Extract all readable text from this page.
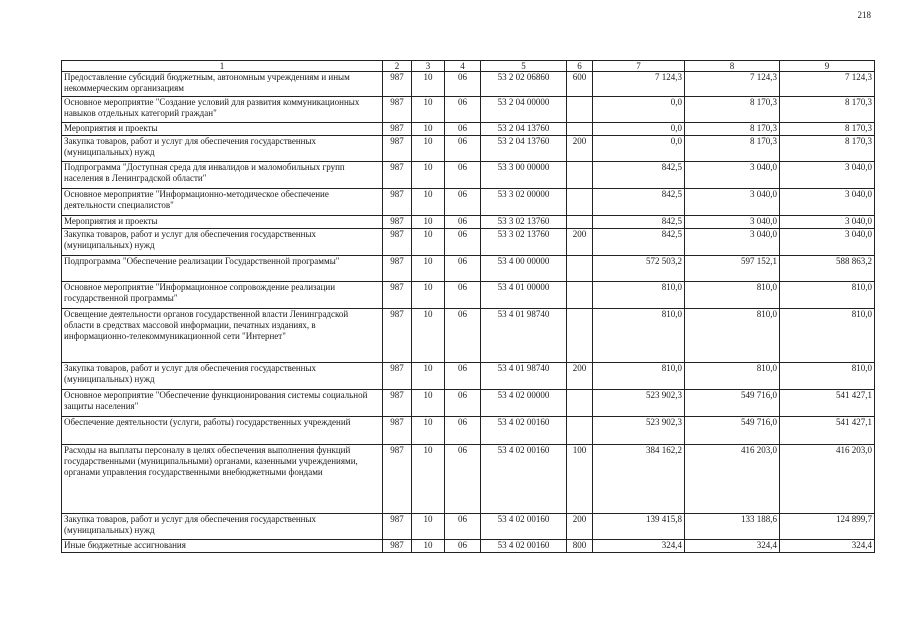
218
1	2	3	4	5	6	7	8	9
Предоставление субсидий бюджетным, автономным учреждениям и иным некоммерческим организациям	987	10	06	53 2 02 06860	600	7 124,3	7 124,3	7 124,3
Основное мероприятие "Создание условий для развития коммуникационных навыков отдельных категорий граждан"	987	10	06	53 2 04 00000		0,0	8 170,3	8 170,3
Мероприятия и проекты	987	10	06	53 2 04 13760		0,0	8 170,3	8 170,3
Закупка товаров, работ и услуг для обеспечения государственных (муниципальных) нужд	987	10	06	53 2 04 13760	200	0,0	8 170,3	8 170,3
Подпрограмма "Доступная среда для инвалидов и маломобильных групп населения в Ленинградской области"	987	10	06	53 3 00 00000		842,5	3 040,0	3 040,0
Основное мероприятие "Информационно-методическое обеспечение деятельности специалистов"	987	10	06	53 3 02 00000		842,5	3 040,0	3 040,0
Мероприятия и проекты	987	10	06	53 3 02 13760		842,5	3 040,0	3 040,0
Закупка товаров, работ и услуг для обеспечения государственных (муниципальных) нужд	987	10	06	53 3 02 13760	200	842,5	3 040,0	3 040,0
Подпрограмма "Обеспечение реализации Государственной программы"	987	10	06	53 4 00 00000		572 503,2	597 152,1	588 863,2
Основное мероприятие "Информационное сопровождение реализации государственной программы"	987	10	06	53 4 01 00000		810,0	810,0	810,0
Освещение деятельности органов государственной власти Ленинградской области в средствах массовой информации, печатных изданиях, в информационно-телекоммуникационной сети "Интернет"	987	10	06	53 4 01 98740		810,0	810,0	810,0
Закупка товаров, работ и услуг для обеспечения государственных (муниципальных) нужд	987	10	06	53 4 01 98740	200	810,0	810,0	810,0
Основное мероприятие "Обеспечение функционирования системы социальной защиты населения"	987	10	06	53 4 02 00000		523 902,3	549 716,0	541 427,1
Обеспечение деятельности (услуги, работы) государственных учреждений	987	10	06	53 4 02 00160		523 902,3	549 716,0	541 427,1
Расходы на выплаты персоналу в целях обеспечения выполнения функций государственными (муниципальными) органами, казенными учреждениями, органами управления государственными внебюджетными фондами	987	10	06	53 4 02 00160	100	384 162,2	416 203,0	416 203,0
Закупка товаров, работ и услуг для обеспечения государственных (муниципальных) нужд	987	10	06	53 4 02 00160	200	139 415,8	133 188,6	124 899,7
Иные бюджетные ассигнования	987	10	06	53 4 02 00160	800	324,4	324,4	324,4
